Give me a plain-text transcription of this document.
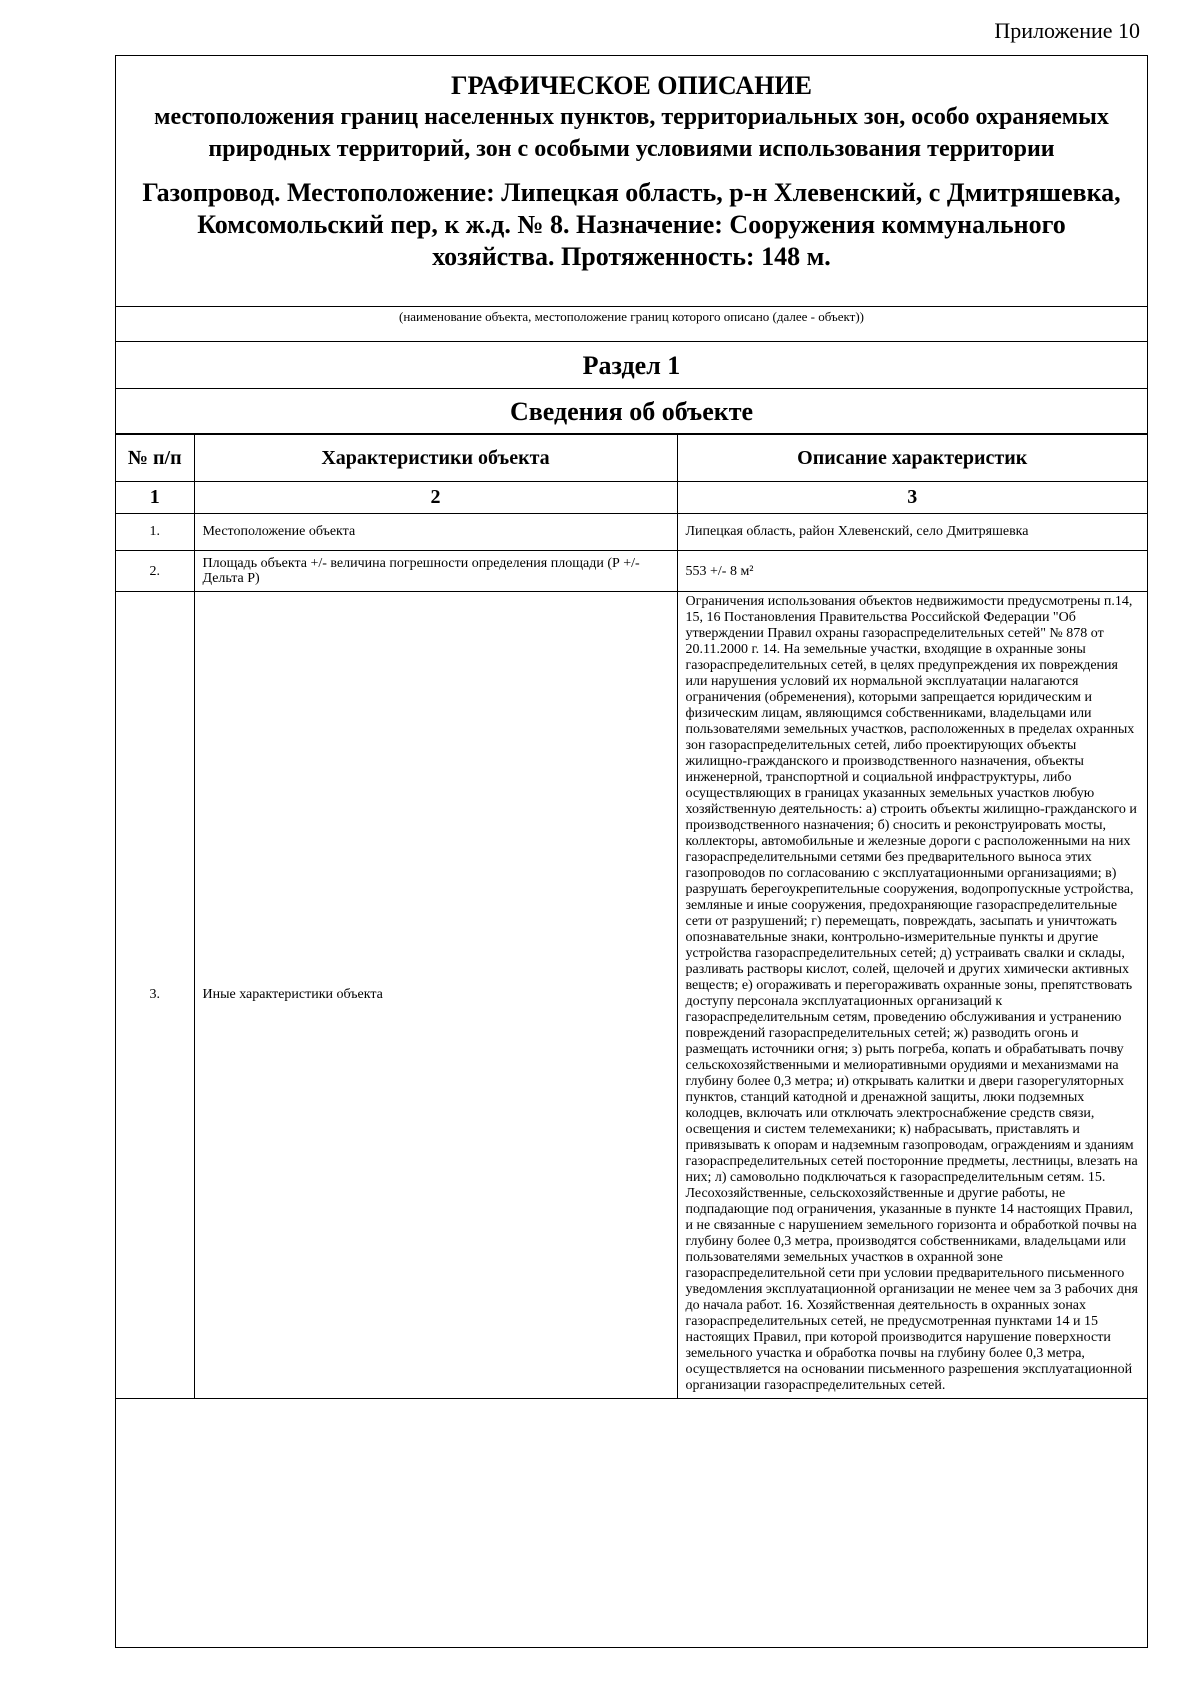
Приложение 10
ГРАФИЧЕСКОЕ ОПИСАНИЕ
местоположения границ населенных пунктов, территориальных зон, особо охраняемых природных территорий, зон с особыми условиями использования территории
Газопровод. Местоположение: Липецкая область, р-н Хлевенский, с Дмитряшевка, Комсомольский пер, к ж.д. № 8. Назначение: Сооружения коммунального хозяйства. Протяженность: 148 м.
(наименование объекта, местоположение границ которого описано (далее - объект))
Раздел 1
Сведения об объекте
№ п/п	Характеристики объекта	Описание характеристик
1	2	3
1.	Местоположение объекта	Липецкая область, район Хлевенский, село Дмитряшевка
2.	Площадь объекта +/- величина погрешности определения площади (Р +/- Дельта Р)	553 +/- 8 м²
3.	Иные характеристики объекта	Ограничения использования объектов недвижимости предусмотрены п.14, 15, 16 Постановления Правительства Российской Федерации "Об утверждении Правил охраны газораспределительных сетей" № 878 от 20.11.2000 г. 14. На земельные участки, входящие в охранные зоны газораспределительных сетей, в целях предупреждения их повреждения или нарушения условий их нормальной эксплуатации налагаются ограничения (обременения), которыми запрещается юридическим и физическим лицам, являющимся собственниками, владельцами или пользователями земельных участков, расположенных в пределах охранных зон газораспределительных сетей, либо проектирующих объекты жилищно-гражданского и производственного назначения, объекты инженерной, транспортной и социальной инфраструктуры, либо осуществляющих в границах указанных земельных участков любую хозяйственную деятельность: а) строить объекты жилищно-гражданского и производственного назначения; б) сносить и реконструировать мосты, коллекторы, автомобильные и железные дороги с расположенными на них газораспределительными сетями без предварительного выноса этих газопроводов по согласованию с эксплуатационными организациями; в) разрушать берегоукрепительные сооружения, водопропускные устройства, земляные и иные сооружения, предохраняющие газораспределительные сети от разрушений; г) перемещать, повреждать, засыпать и уничтожать опознавательные знаки, контрольно-измерительные пункты и другие устройства газораспределительных сетей; д) устраивать свалки и склады, разливать растворы кислот, солей, щелочей и других химически активных веществ; е) огораживать и перегораживать охранные зоны, препятствовать доступу персонала эксплуатационных организаций к газораспределительным сетям, проведению обслуживания и устранению повреждений газораспределительных сетей; ж) разводить огонь и размещать источники огня; з) рыть погреба, копать и обрабатывать почву сельскохозяйственными и мелиоративными орудиями и механизмами на глубину более 0,3 метра; и) открывать калитки и двери газорегуляторных пунктов, станций катодной и дренажной защиты, люки подземных колодцев, включать или отключать электроснабжение средств связи, освещения и систем телемеханики; к) набрасывать, приставлять и привязывать к опорам и надземным газопроводам, ограждениям и зданиям газораспределительных сетей посторонние предметы, лестницы, влезать на них; л) самовольно подключаться к газораспределительным сетям. 15. Лесохозяйственные, сельскохозяйственные и другие работы, не подпадающие под ограничения, указанные в пункте 14 настоящих Правил, и не связанные с нарушением земельного горизонта и обработкой почвы на глубину более 0,3 метра, производятся собственниками, владельцами или пользователями земельных участков в охранной зоне газораспределительной сети при условии предварительного письменного уведомления эксплуатационной организации не менее чем за 3 рабочих дня до начала работ. 16. Хозяйственная деятельность в охранных зонах газораспределительных сетей, не предусмотренная пунктами 14 и 15 настоящих Правил, при которой производится нарушение поверхности земельного участка и обработка почвы на глубину более 0,3 метра, осуществляется на основании письменного разрешения эксплуатационной организации газораспределительных сетей.
